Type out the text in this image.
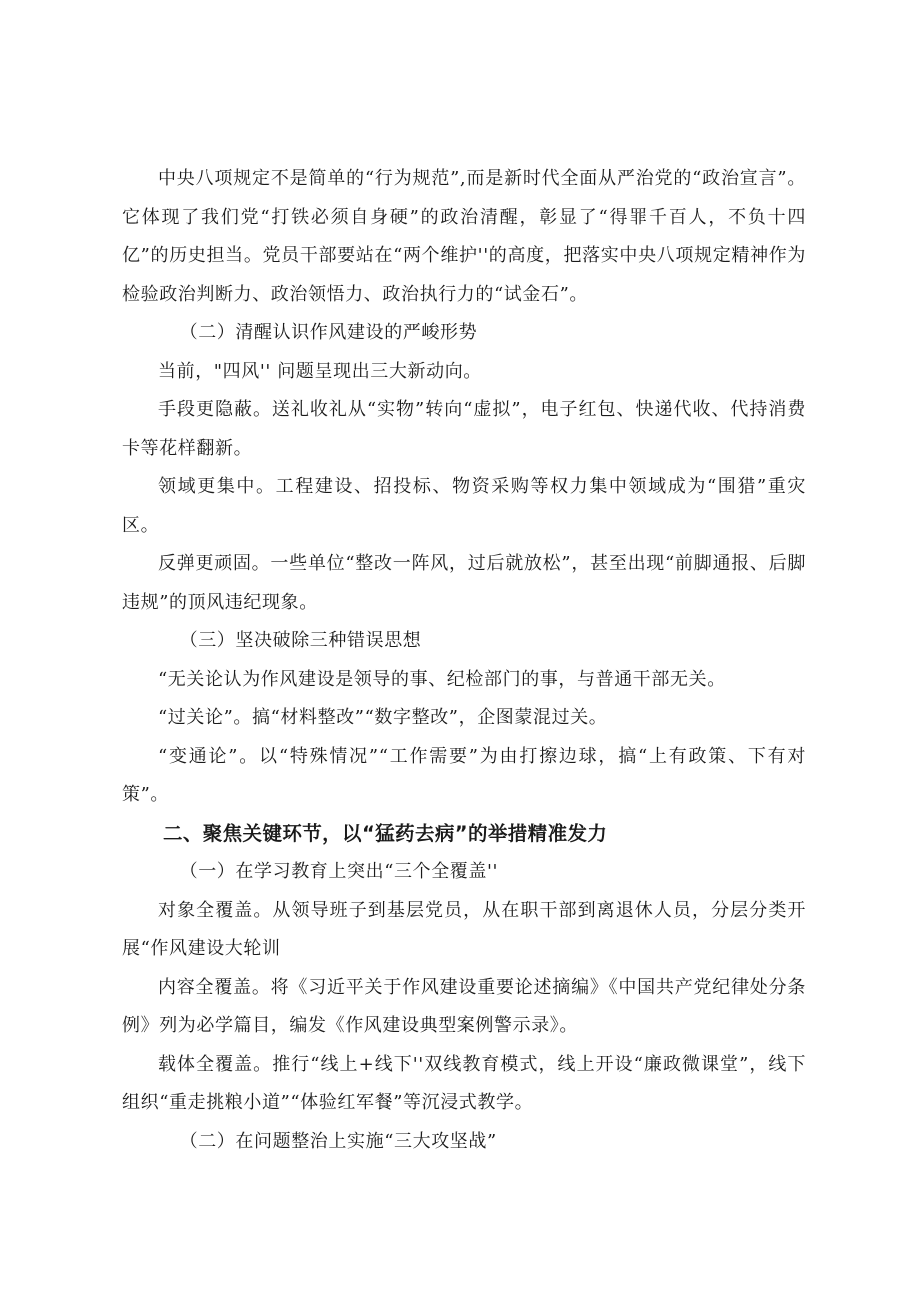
中央八项规定不是简单的“行为规范”,而是新时代全面从严治党的“政治宣言”。它体现了我们党“打铁必须自身硬”的政治清醒，彰显了“得罪千百人，不负十四亿”的历史担当。党员干部要站在“两个维护''的高度，把落实中央八项规定精神作为检验政治判断力、政治领悟力、政治执行力的“试金石”。

（二）清醒认识作风建设的严峻形势

当前，"四风'' 问题呈现出三大新动向。

手段更隐蔽。送礼收礼从“实物”转向“虚拟”，电子红包、快递代收、代持消费卡等花样翻新。

领域更集中。工程建设、招投标、物资采购等权力集中领域成为“围猎”重灾区。

反弹更顽固。一些单位“整改一阵风，过后就放松”，甚至出现“前脚通报、后脚违规”的顶风违纪现象。

（三）坚决破除三种错误思想

“无关论认为作风建设是领导的事、纪检部门的事，与普通干部无关。

“过关论”。搞“材料整改”“数字整改”，企图蒙混过关。

“变通论”。以“特殊情况”“工作需要”为由打擦边球，搞“上有政策、下有对策”。

二、聚焦关键环节，以“猛药去病”的举措精准发力

（一）在学习教育上突出“三个全覆盖''

对象全覆盖。从领导班子到基层党员，从在职干部到离退休人员，分层分类开展“作风建设大轮训

内容全覆盖。将《习近平关于作风建设重要论述摘编》《中国共产党纪律处分条例》列为必学篇目，编发《作风建设典型案例警示录》。

载体全覆盖。推行“线上+线下''双线教育模式，线上开设“廉政微课堂”，线下组织“重走挑粮小道”“体验红军餐”等沉浸式教学。

（二）在问题整治上实施“三大攻坚战”
